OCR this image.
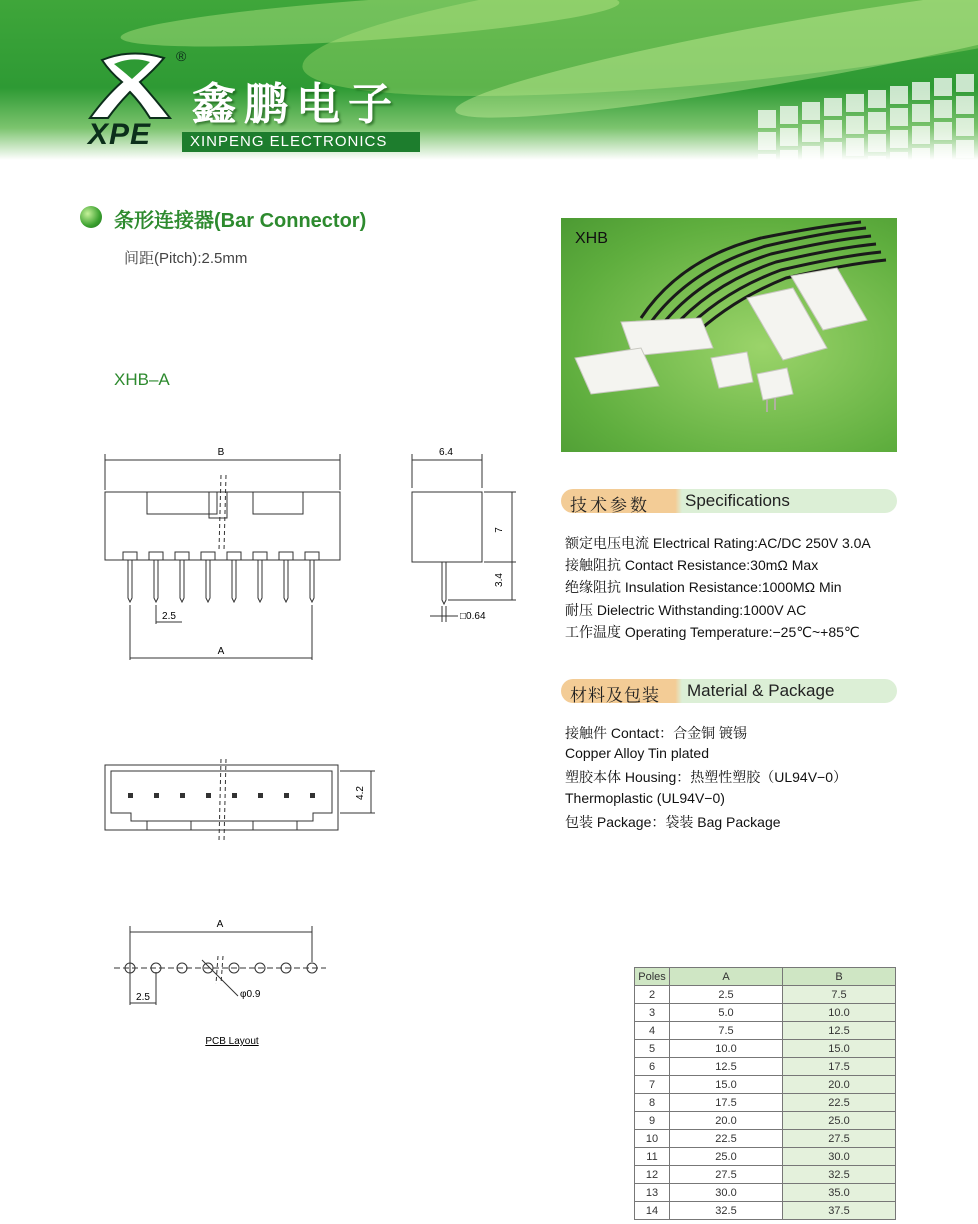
®
XPE
鑫鹏电子
XINPENG ELECTRONICS
条形连接器(Bar Connector)
间距(Pitch):2.5mm
XHB–A
B
A
2.5
6.4
7
3.4
□0.64
4.2
A
2.5	φ0.9
PCB Layout
XHB
技术参数 Specifications
额定电压电流 Electrical Rating:AC/DC 250V 3.0A
接触阻抗 Contact Resistance:30mΩ Max
绝缘阻抗 Insulation Resistance:1000MΩ Min
耐压 Dielectric Withstanding:1000V AC
工作温度 Operating Temperature:−25℃~+85℃
材料及包装 Material & Package
接触件 Contact：合金铜 镀锡
Copper Alloy Tin plated
塑胶本体 Housing：热塑性塑胶（UL94V−0）
Thermoplastic (UL94V−0)
包装 Package：袋装 Bag Package
Poles	A	B
2	2.5	7.5
3	5.0	10.0
4	7.5	12.5
5	10.0	15.0
6	12.5	17.5
7	15.0	20.0
8	17.5	22.5
9	20.0	25.0
10	22.5	27.5
11	25.0	30.0
12	27.5	32.5
13	30.0	35.0
14	32.5	37.5
